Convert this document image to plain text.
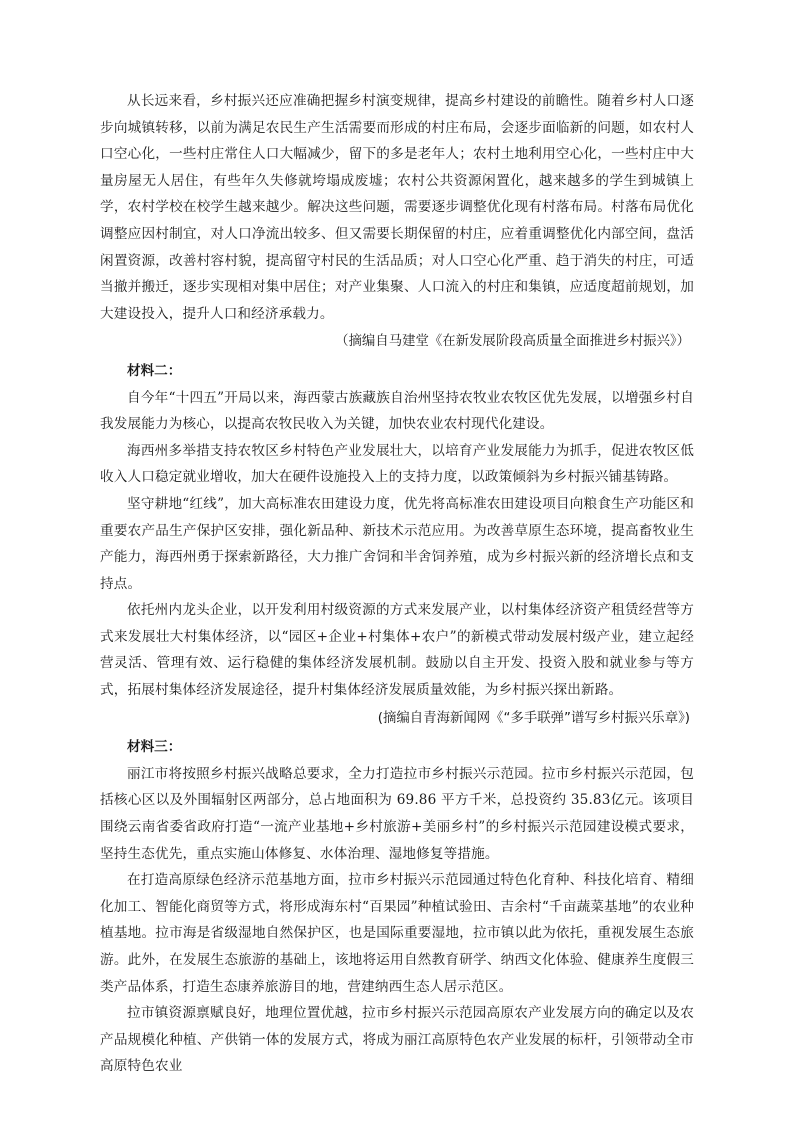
从长远来看，乡村振兴还应准确把握乡村演变规律，提高乡村建设的前瞻性。随着乡村人口逐步向城镇转移，以前为满足农民生产生活需要而形成的村庄布局，会逐步面临新的问题，如农村人口空心化，一些村庄常住人口大幅减少，留下的多是老年人；农村土地利用空心化，一些村庄中大量房屋无人居住，有些年久失修就垮塌成废墟；农村公共资源闲置化，越来越多的学生到城镇上学，农村学校在校学生越来越少。解决这些问题，需要逐步调整优化现有村落布局。村落布局优化调整应因村制宜，对人口净流出较多、但又需要长期保留的村庄，应着重调整优化内部空间，盘活闲置资源，改善村容村貌，提高留守村民的生活品质；对人口空心化严重、趋于消失的村庄，可适当撤并搬迁，逐步实现相对集中居住；对产业集聚、人口流入的村庄和集镇，应适度超前规划，加大建设投入，提升人口和经济承载力。

（摘编自马建堂《在新发展阶段高质量全面推进乡村振兴》）

材料二：

自今年“十四五”开局以来，海西蒙古族藏族自治州坚持农牧业农牧区优先发展，以增强乡村自我发展能力为核心，以提高农牧民收入为关键，加快农业农村现代化建设。

海西州多举措支持农牧区乡村特色产业发展壮大，以培育产业发展能力为抓手，促进农牧区低收入人口稳定就业增收，加大在硬件设施投入上的支持力度，以政策倾斜为乡村振兴铺基铸路。

坚守耕地“红线”，加大高标准农田建设力度，优先将高标准农田建设项目向粮食生产功能区和重要农产品生产保护区安排，强化新品种、新技术示范应用。为改善草原生态环境，提高畜牧业生产能力，海西州勇于探索新路径，大力推广舍饲和半舍饲养殖，成为乡村振兴新的经济增长点和支持点。

依托州内龙头企业，以开发利用村级资源的方式来发展产业，以村集体经济资产租赁经营等方式来发展壮大村集体经济，以“园区+企业+村集体+农户”的新模式带动发展村级产业，建立起经营灵活、管理有效、运行稳健的集体经济发展机制。鼓励以自主开发、投资入股和就业参与等方式，拓展村集体经济发展途径，提升村集体经济发展质量效能，为乡村振兴探出新路。

(摘编自青海新闻网《“多手联弹”谱写乡村振兴乐章》)

材料三：

丽江市将按照乡村振兴战略总要求，全力打造拉市乡村振兴示范园。拉市乡村振兴示范园，包括核心区以及外围辐射区两部分，总占地面积为 69.86 平方千米，总投资约 35.83亿元。该项目围绕云南省委省政府打造“一流产业基地+乡村旅游+美丽乡村”的乡村振兴示范园建设模式要求，坚持生态优先，重点实施山体修复、水体治理、湿地修复等措施。

在打造高原绿色经济示范基地方面，拉市乡村振兴示范园通过特色化育种、科技化培育、精细化加工、智能化商贸等方式，将形成海东村“百果园”种植试验田、吉余村“千亩蔬菜基地”的农业种植基地。拉市海是省级湿地自然保护区，也是国际重要湿地，拉市镇以此为依托，重视发展生态旅游。此外，在发展生态旅游的基础上，该地将运用自然教育研学、纳西文化体验、健康养生度假三类产品体系，打造生态康养旅游目的地，营建纳西生态人居示范区。

拉市镇资源禀赋良好，地理位置优越，拉市乡村振兴示范园高原农产业发展方向的确定以及农产品规模化种植、产供销一体的发展方式，将成为丽江高原特色农产业发展的标杆，引领带动全市高原特色农业
